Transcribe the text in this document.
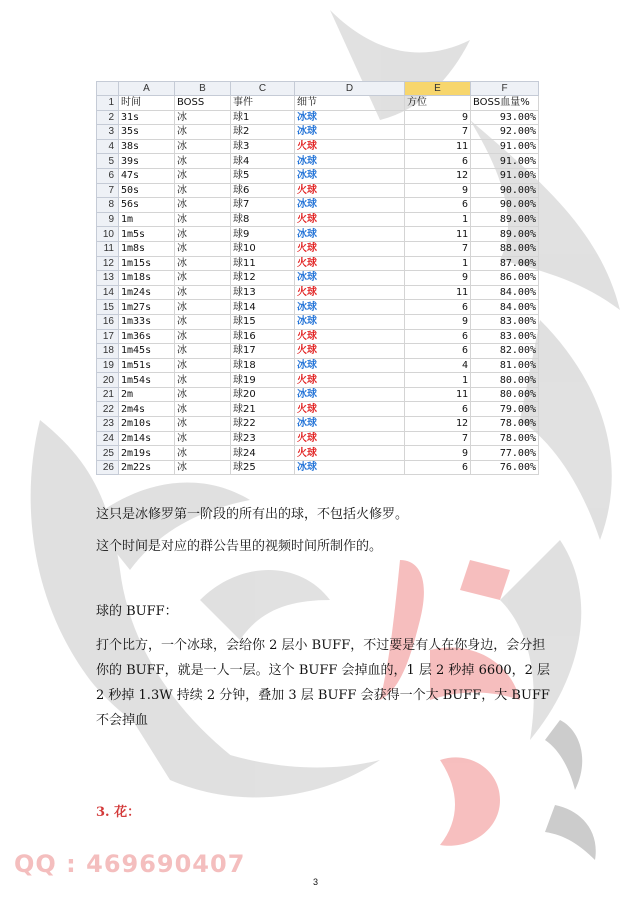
	A	B	C	D	E	F
1	时间	BOSS	事件	细节	方位	BOSS血量%
2	31s	冰	球1	冰球	9	93.00%
3	35s	冰	球2	冰球	7	92.00%
4	38s	冰	球3	火球	11	91.00%
5	39s	冰	球4	冰球	6	91.00%
6	47s	冰	球5	冰球	12	91.00%
7	50s	冰	球6	火球	9	90.00%
8	56s	冰	球7	冰球	6	90.00%
9	1m	冰	球8	火球	1	89.00%
10	1m5s	冰	球9	冰球	11	89.00%
11	1m8s	冰	球10	火球	7	88.00%
12	1m15s	冰	球11	火球	1	87.00%
13	1m18s	冰	球12	冰球	9	86.00%
14	1m24s	冰	球13	火球	11	84.00%
15	1m27s	冰	球14	冰球	6	84.00%
16	1m33s	冰	球15	冰球	9	83.00%
17	1m36s	冰	球16	火球	6	83.00%
18	1m45s	冰	球17	火球	6	82.00%
19	1m51s	冰	球18	冰球	4	81.00%
20	1m54s	冰	球19	火球	1	80.00%
21	2m	冰	球20	冰球	11	80.00%
22	2m4s	冰	球21	火球	6	79.00%
23	2m10s	冰	球22	冰球	12	78.00%
24	2m14s	冰	球23	火球	7	78.00%
25	2m19s	冰	球24	火球	9	77.00%
26	2m22s	冰	球25	冰球	6	76.00%
这只是冰修罗第一阶段的所有出的球，不包括火修罗。
这个时间是对应的群公告里的视频时间所制作的。
球的 BUFF：
打个比方，一个冰球，会给你 2 层小 BUFF，不过要是有人在你身边，会分担你的 BUFF，就是一人一层。这个 BUFF 会掉血的，1 层 2 秒掉 6600，2 层 2 秒掉 1.3W 持续 2 分钟，叠加 3 层 BUFF 会获得一个大 BUFF，大 BUFF 不会掉血
3. 花：
QQ : 469690407
3
